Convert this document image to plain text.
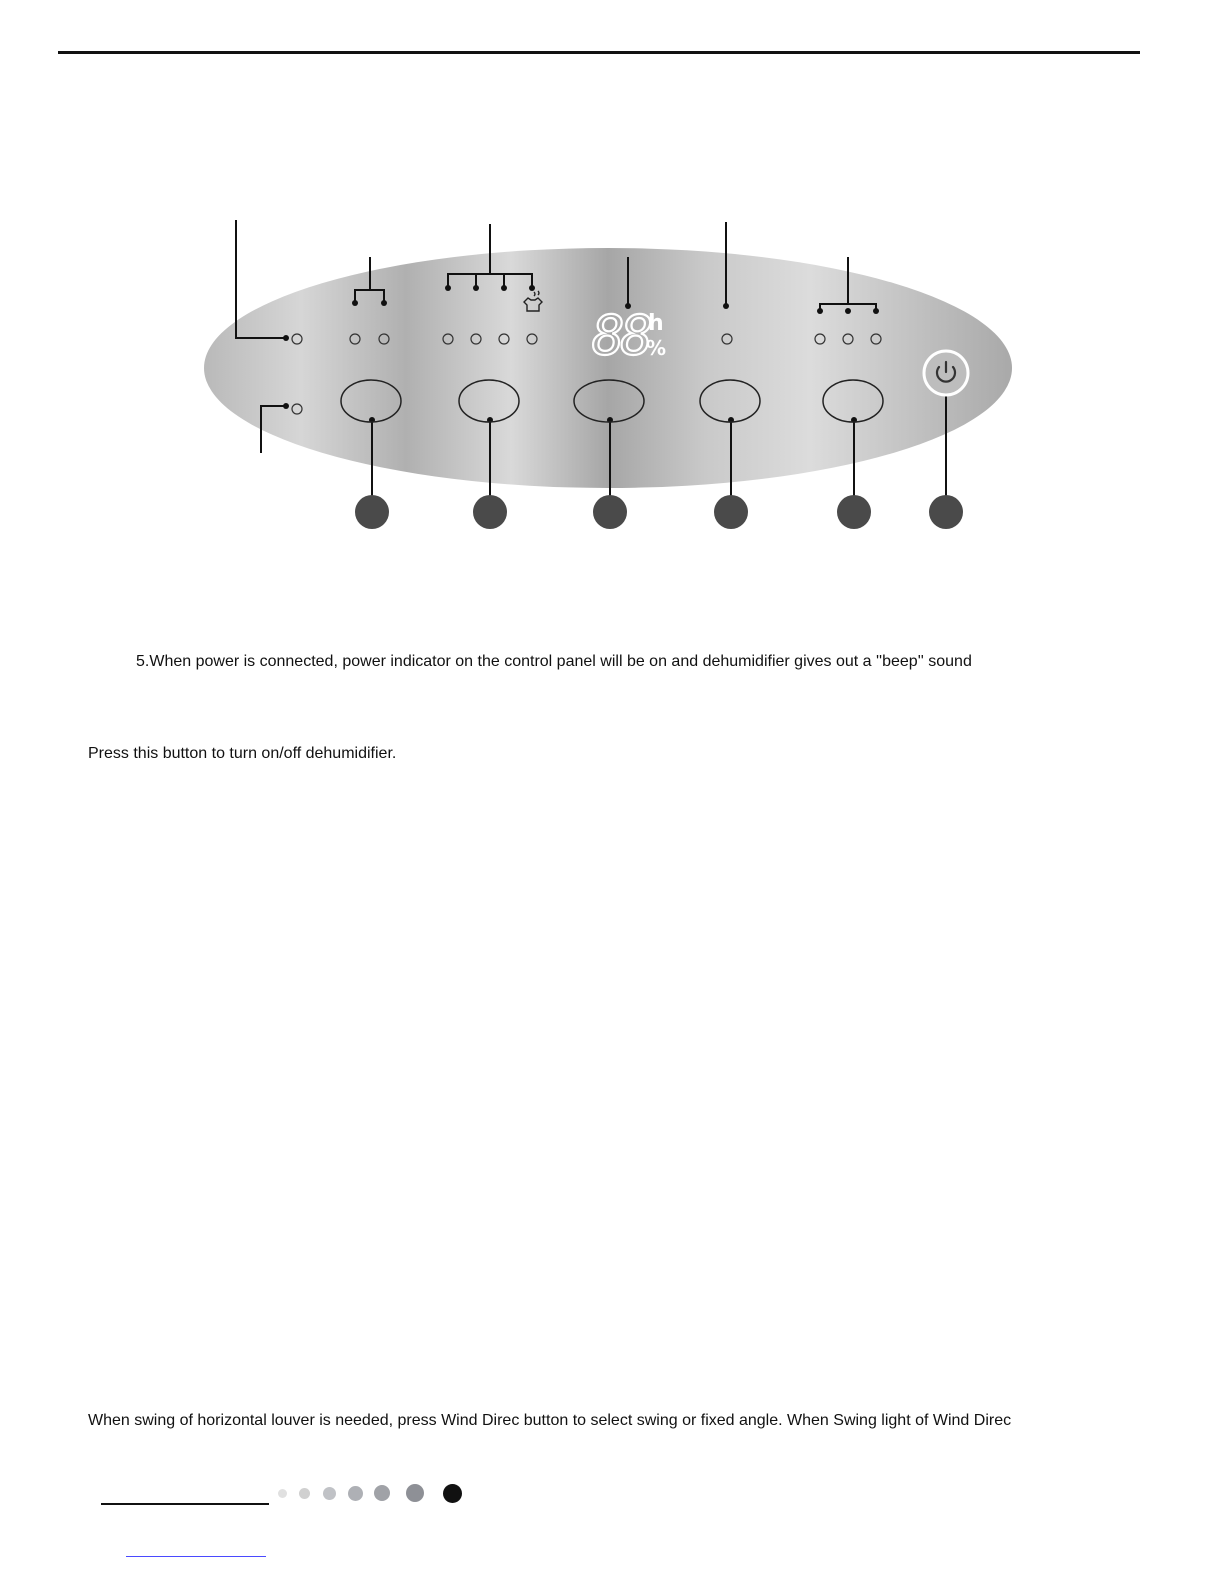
88
h
%
5.When power is connected, power indicator on the control panel will be on and dehumidifier gives out a ''beep'' sound
Press this button to turn on/off dehumidifier.
When swing of horizontal louver is needed, press Wind Direc button to select swing or fixed angle. When Swing light of Wind Direc
